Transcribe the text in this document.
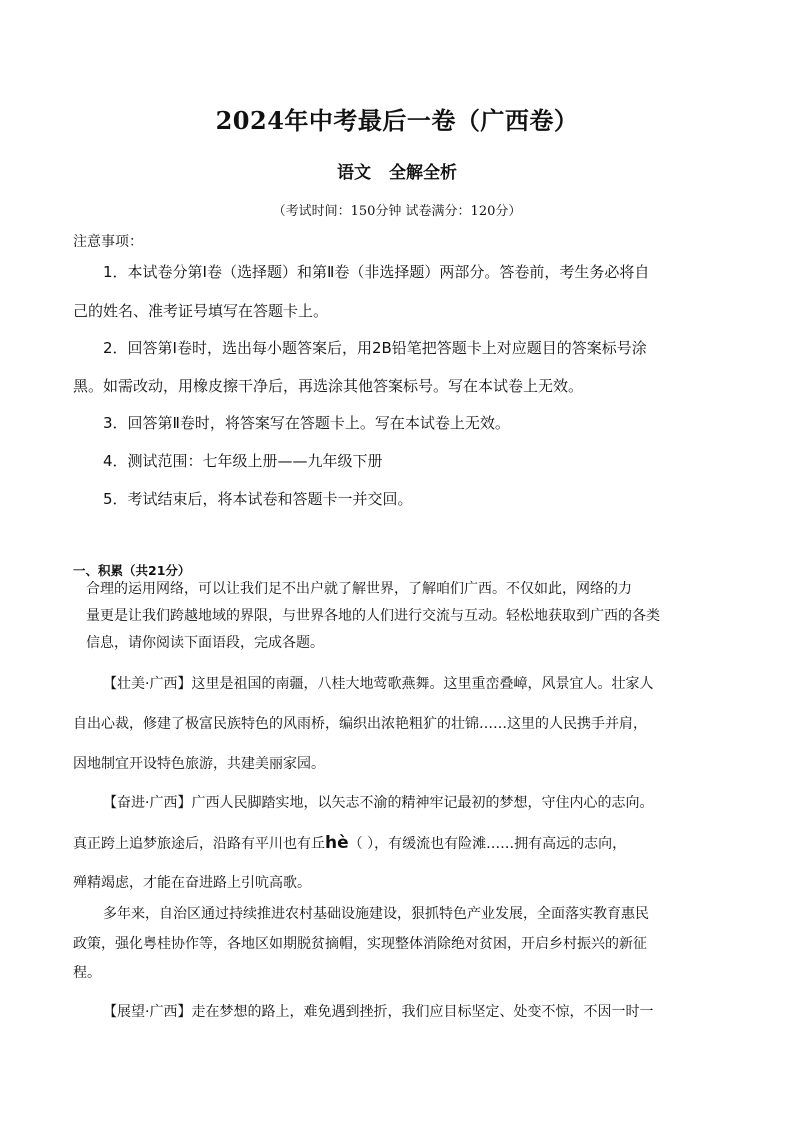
2024年中考最后一卷（广西卷）
语文 全解全析
（考试时间：150分钟 试卷满分：120分）
注意事项：
1．本试卷分第Ⅰ卷（选择题）和第Ⅱ卷（非选择题）两部分。答卷前，考生务必将自
己的姓名、准考证号填写在答题卡上。
2．回答第Ⅰ卷时，选出每小题答案后，用2B铅笔把答题卡上对应题目的答案标号涂
黑。如需改动，用橡皮擦干净后，再选涂其他答案标号。写在本试卷上无效。
3．回答第Ⅱ卷时，将答案写在答题卡上。写在本试卷上无效。
4．测试范围：七年级上册——九年级下册
5．考试结束后，将本试卷和答题卡一并交回。
一、积累（共21分）
合理的运用网络，可以让我们足不出户就了解世界，了解咱们广西。不仅如此，网络的力
量更是让我们跨越地域的界限，与世界各地的人们进行交流与互动。轻松地获取到广西的各类
信息，请你阅读下面语段，完成各题。
【壮美·广西】这里是祖国的南疆，八桂大地莺歌燕舞。这里重峦叠嶂，风景宜人。壮家人
自出心裁，修建了极富民族特色的风雨桥，编织出浓艳粗犷的壮锦……这里的人民携手并肩，
因地制宜开设特色旅游，共建美丽家园。
【奋进·广西】广西人民脚踏实地，以矢志不渝的精神牢记最初的梦想，守住内心的志向。
真正跨上追梦旅途后，沿路有平川也有丘hè（ ），有缓流也有险滩……拥有高远的志向，
殚精竭虑，才能在奋进路上引吭高歌。
多年来，自治区通过持续推进农村基础设施建设，狠抓特色产业发展，全面落实教育惠民
政策，强化粤桂协作等，各地区如期脱贫摘帽，实现整体消除绝对贫困，开启乡村振兴的新征
程。
【展望·广西】走在梦想的路上，难免遇到挫折，我们应目标坚定、处变不惊，不因一时一
